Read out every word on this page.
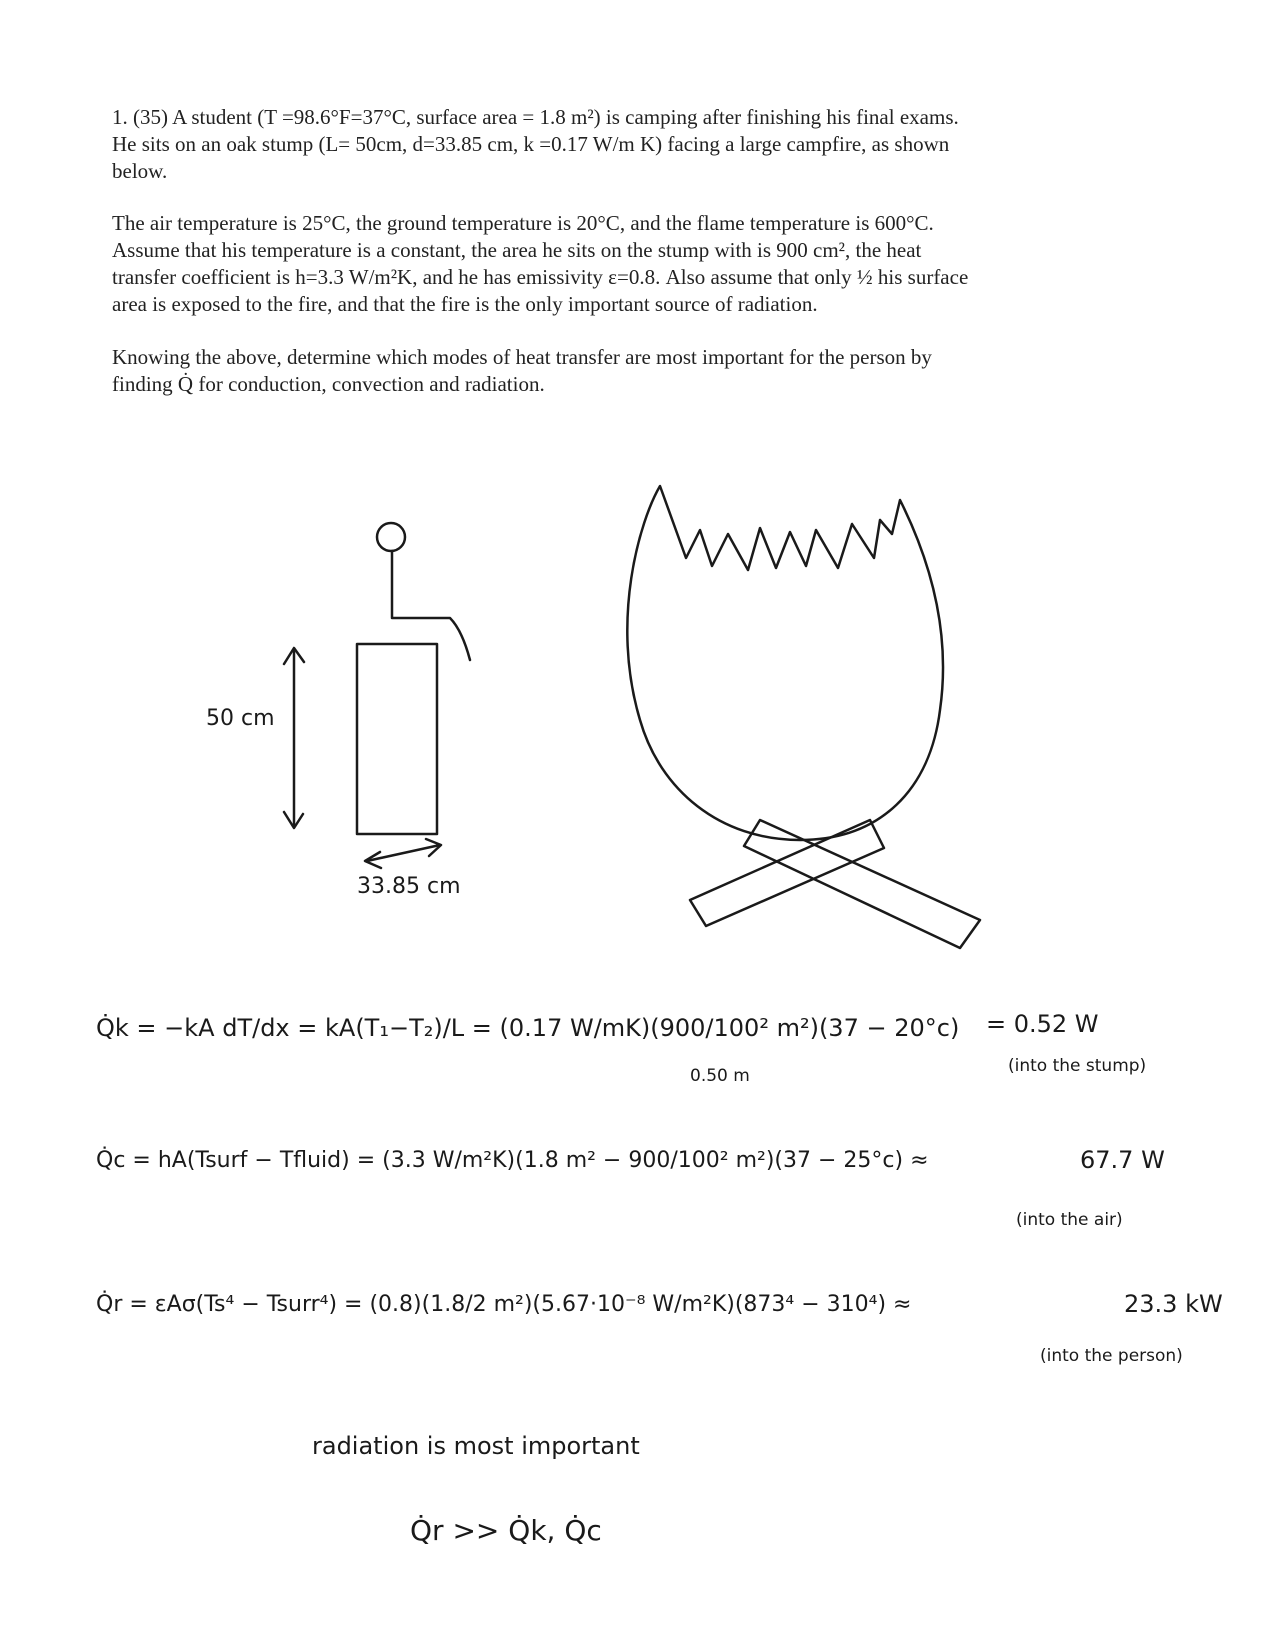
1. (35) A student (T =98.6°F=37°C, surface area = 1.8 m²) is camping after finishing his final exams.

He sits on an oak stump (L= 50cm, d=33.85 cm, k =0.17 W/m K) facing a large campfire, as shown

below.

The air temperature is 25°C, the ground temperature is 20°C, and the flame temperature is 600°C.

Assume that his temperature is a constant, the area he sits on the stump with is 900 cm², the heat

transfer coefficient is h=3.3 W/m²K, and he has emissivity ε=0.8. Also assume that only ½ his surface

area is exposed to the fire, and that the fire is the only important source of radiation.

Knowing the above, determine which modes of heat transfer are most important for the person by

finding Q̇ for conduction, convection and radiation.

50 cm
33.85 cm
Q̇k = −kA dT/dx = kA(T₁−T₂)/L = (0.17 W/mK)(900/100² m²)(37 − 20°c)
0.50 m
= 0.52 W
(into the stump)
Q̇c = hA(Tsurf − Tfluid) = (3.3 W/m²K)(1.8 m² − 900/100² m²)(37 − 25°c) ≈	67.7 W
(into the air)
Q̇r = εAσ(Ts⁴ − Tsurr⁴) = (0.8)(1.8/2 m²)(5.67·10⁻⁸ W/m²K)(873⁴ − 310⁴) ≈	23.3 kW
(into the person)
radiation is most important
Q̇r >> Q̇k, Q̇c
